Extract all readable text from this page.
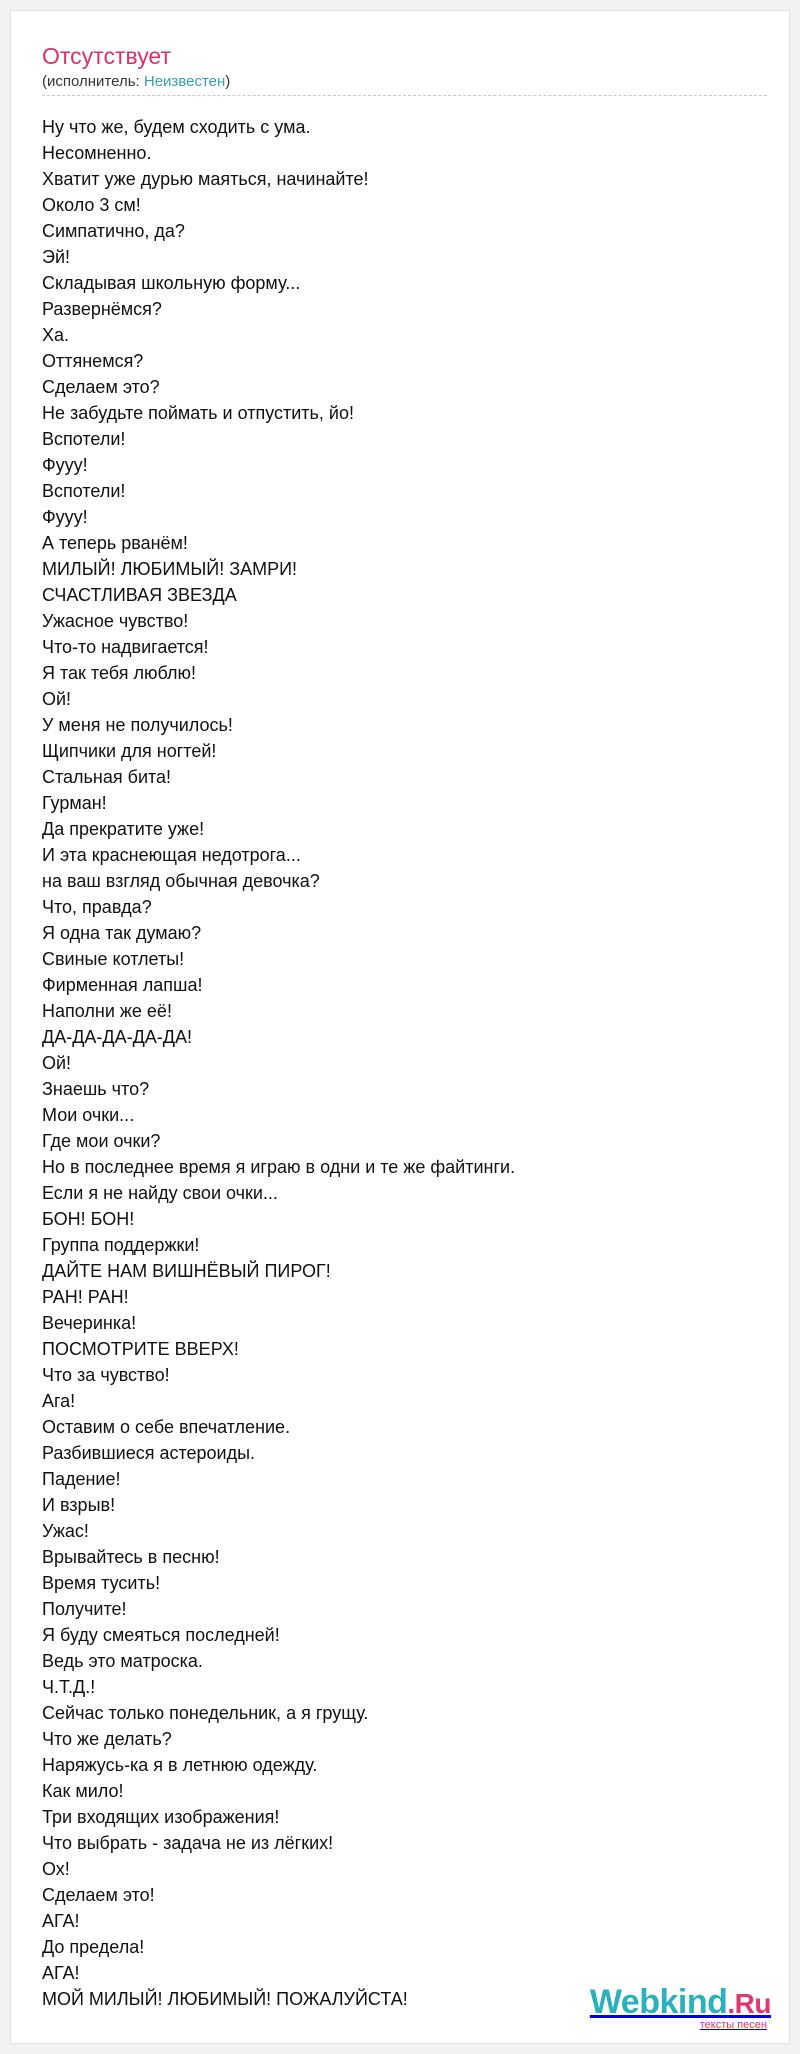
Отсутствует
(исполнитель: Неизвестен)
Ну что же, будем сходить с ума.
Несомненно.
Хватит уже дурью маяться, начинайте!
Около 3 см!
Симпатично, да?
Эй!
Складывая школьную форму...
Развернёмся?
Ха.
Оттянемся?
Сделаем это?
Не забудьте поймать и отпустить, йо!
Вспотели!
Фууу!
Вспотели!
Фууу!
А теперь рванём!
МИЛЫЙ! ЛЮБИМЫЙ! ЗАМРИ!
СЧАСТЛИВАЯ ЗВЕЗДА
Ужасное чувство!
Что-то надвигается!
Я так тебя люблю!
Ой!
У меня не получилось!
Щипчики для ногтей!
Стальная бита!
Гурман!
Да прекратите уже!
И эта краснеющая недотрога...
на ваш взгляд обычная девочка?
Что, правда?
Я одна так думаю?
Свиные котлеты!
Фирменная лапша!
Наполни же её!
ДА-ДА-ДА-ДА-ДА!
Ой!
Знаешь что?
Мои очки...
Где мои очки?
Но в последнее время я играю в одни и те же файтинги.
Если я не найду свои очки...
БОН! БОН!
Группа поддержки!
ДАЙТЕ НАМ ВИШНЁВЫЙ ПИРОГ!
РАН! РАН!
Вечеринка!
ПОСМОТРИТЕ ВВЕРХ!
Что за чувство!
Ага!
Оставим о себе впечатление.
Разбившиеся астероиды.
Падение!
И взрыв!
Ужас!
Врывайтесь в песню!
Время тусить!
Получите!
Я буду смеяться последней!
Ведь это матроска.
Ч.Т.Д.!
Сейчас только понедельник, а я грущу.
Что же делать?
Наряжусь-ка я в летнюю одежду.
Как мило!
Три входящих изображения!
Что выбрать - задача не из лёгких!
Ох!
Сделаем это!
АГА!
До предела!
АГА!
МОЙ МИЛЫЙ! ЛЮБИМЫЙ! ПОЖАЛУЙСТА!	Webkind.Ru
тексты песен
